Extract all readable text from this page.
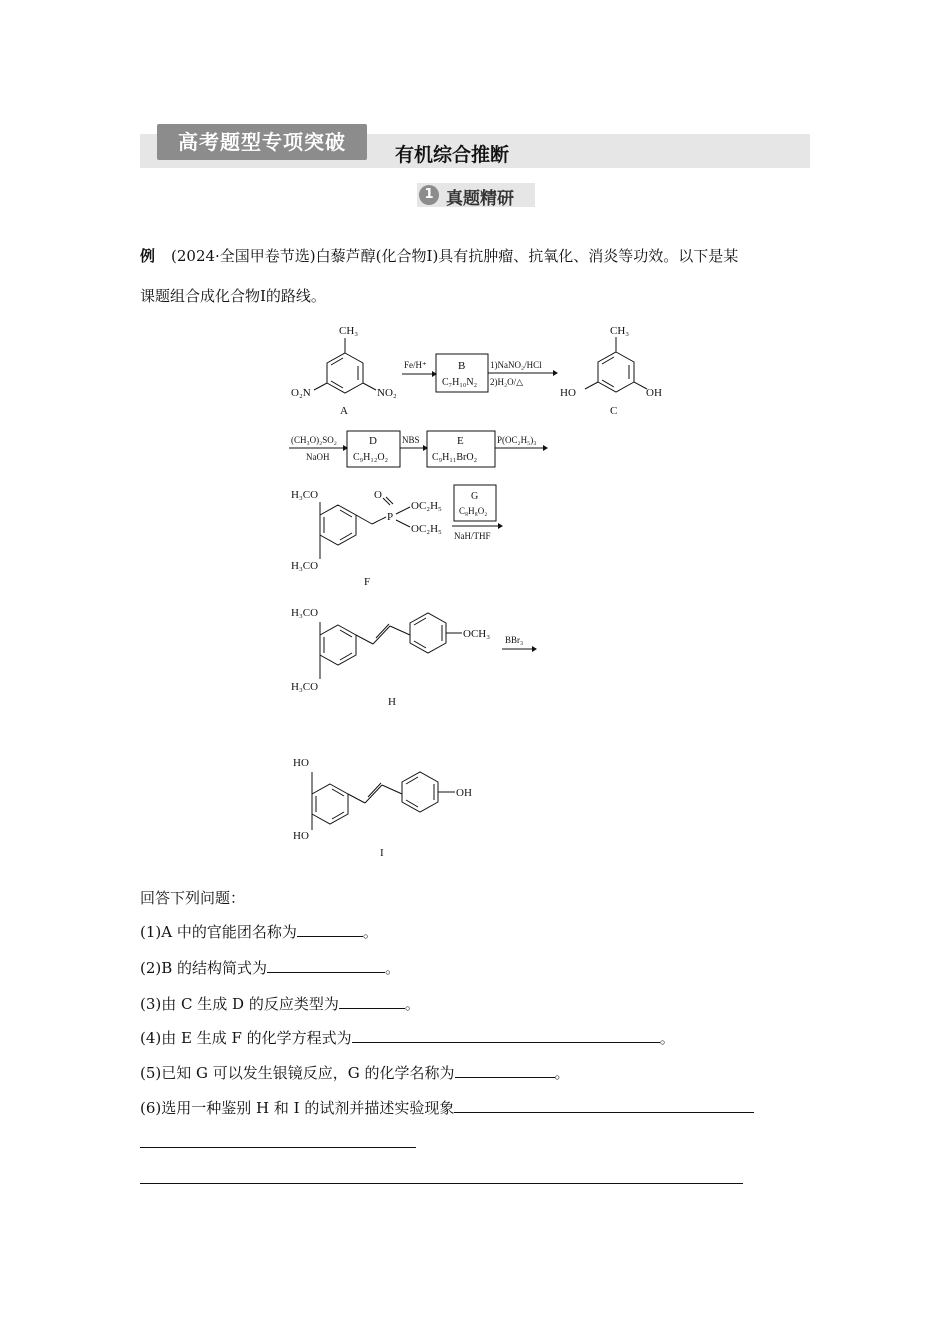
高考题型专项突破
有机综合推断
1 真题精研
例 (2024·全国甲卷节选)白藜芦醇(化合物I)具有抗肿瘤、抗氧化、消炎等功效。以下是某
课题组合成化合物I的路线。
CH₃
O₂N	NO₂
A
Fe/H⁺	B
C₇H₁₀N₂
1)NaNO₂/HCl
2)H₂O/△
CH₃
HO	OH
C
(CH₃O)₂SO₂
NaOH
D
C₉H₁₂O₂
NBS	E
C₉H₁₁BrO₂
P(OC₂H₅)₃
H₃CO
H₃CO
O
P
OC₂H₅
OC₂H₅
F
G
C₈H₈O₂
NaH/THF
H₃CO
H₃CO
OCH₃
H
BBr₃
HO
HO
OH
I
回答下列问题：
(1)A 中的官能团名称为	。
(2)B 的结构简式为	。
(3)由 C 生成 D 的反应类型为	。
(4)由 E 生成 F 的化学方程式为	。
(5)已知 G 可以发生银镜反应，G 的化学名称为	。
(6)选用一种鉴别 H 和 I 的试剂并描述实验现象
